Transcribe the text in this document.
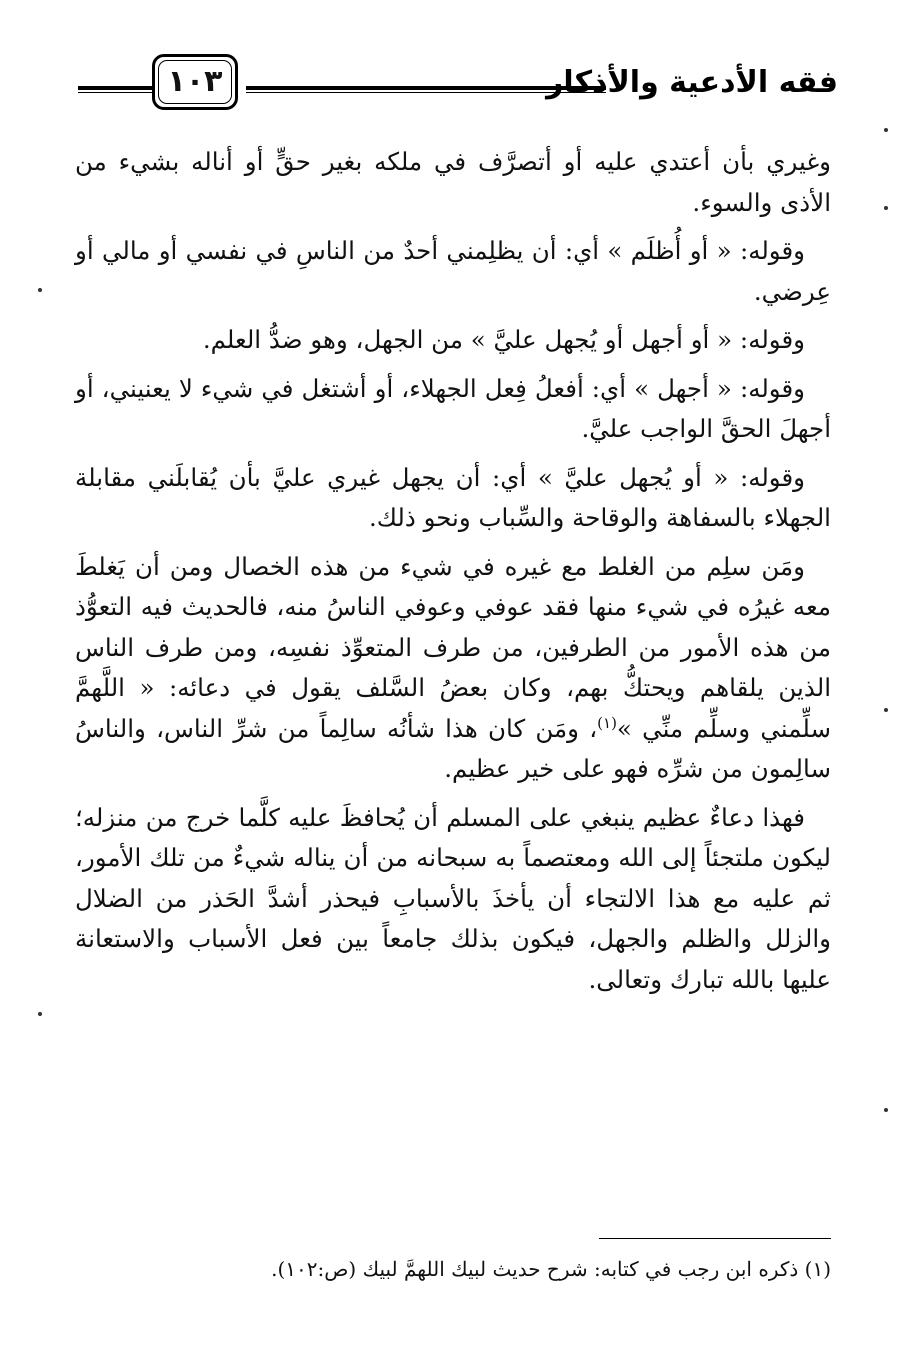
فقه الأدعية والأذكار
١٠٣

وغيري بأن أعتدي عليه أو أتصرَّف في ملكه بغير حقٍّ أو أناله بشيء من الأذى والسوء.

وقوله: « أو أُظلَم » أي: أن يظلِمني أحدٌ من الناسِ في نفسي أو مالي أو عِرضي.

وقوله: « أو أجهل أو يُجهل عليَّ » من الجهل، وهو ضدُّ العلم.

وقوله: « أجهل » أي: أفعلُ فِعل الجهلاء، أو أشتغل في شيء لا يعنيني، أو أجهلَ الحقَّ الواجب عليَّ.

وقوله: « أو يُجهل عليَّ » أي: أن يجهل غيري عليَّ بأن يُقابلَني مقابلة الجهلاء بالسفاهة والوقاحة والسِّباب ونحو ذلك.

ومَن سلِم من الغلط مع غيره في شيء من هذه الخصال ومن أن يَغلطَ معه غيرُه في شيء منها فقد عوفي وعوفي الناسُ منه، فالحديث فيه التعوُّذ من هذه الأمور من الطرفين، من طرف المتعوِّذ نفسِه، ومن طرف الناس الذين يلقاهم ويحتكُّ بهم، وكان بعضُ السَّلف يقول في دعائه: « اللَّهمَّ سلِّمني وسلِّم منِّي »$^{(١)}$، ومَن كان هذا شأنُه سالِماً من شرِّ الناس، والناسُ سالِمون من شرِّه فهو على خير عظيم.

فهذا دعاءٌ عظيم ينبغي على المسلم أن يُحافظَ عليه كلَّما خرج من منزله؛ ليكون ملتجئاً إلى الله ومعتصماً به سبحانه من أن يناله شيءٌ من تلك الأمور، ثم عليه مع هذا الالتجاء أن يأخذَ بالأسبابِ فيحذر أشدَّ الحَذر من الضلال والزلل والظلم والجهل، فيكون بذلك جامعاً بين فعل الأسباب والاستعانة عليها بالله تبارك وتعالى.

(١) ذكره ابن رجب في كتابه: شرح حديث لبيك اللهمَّ لبيك (ص:١٠٢).
